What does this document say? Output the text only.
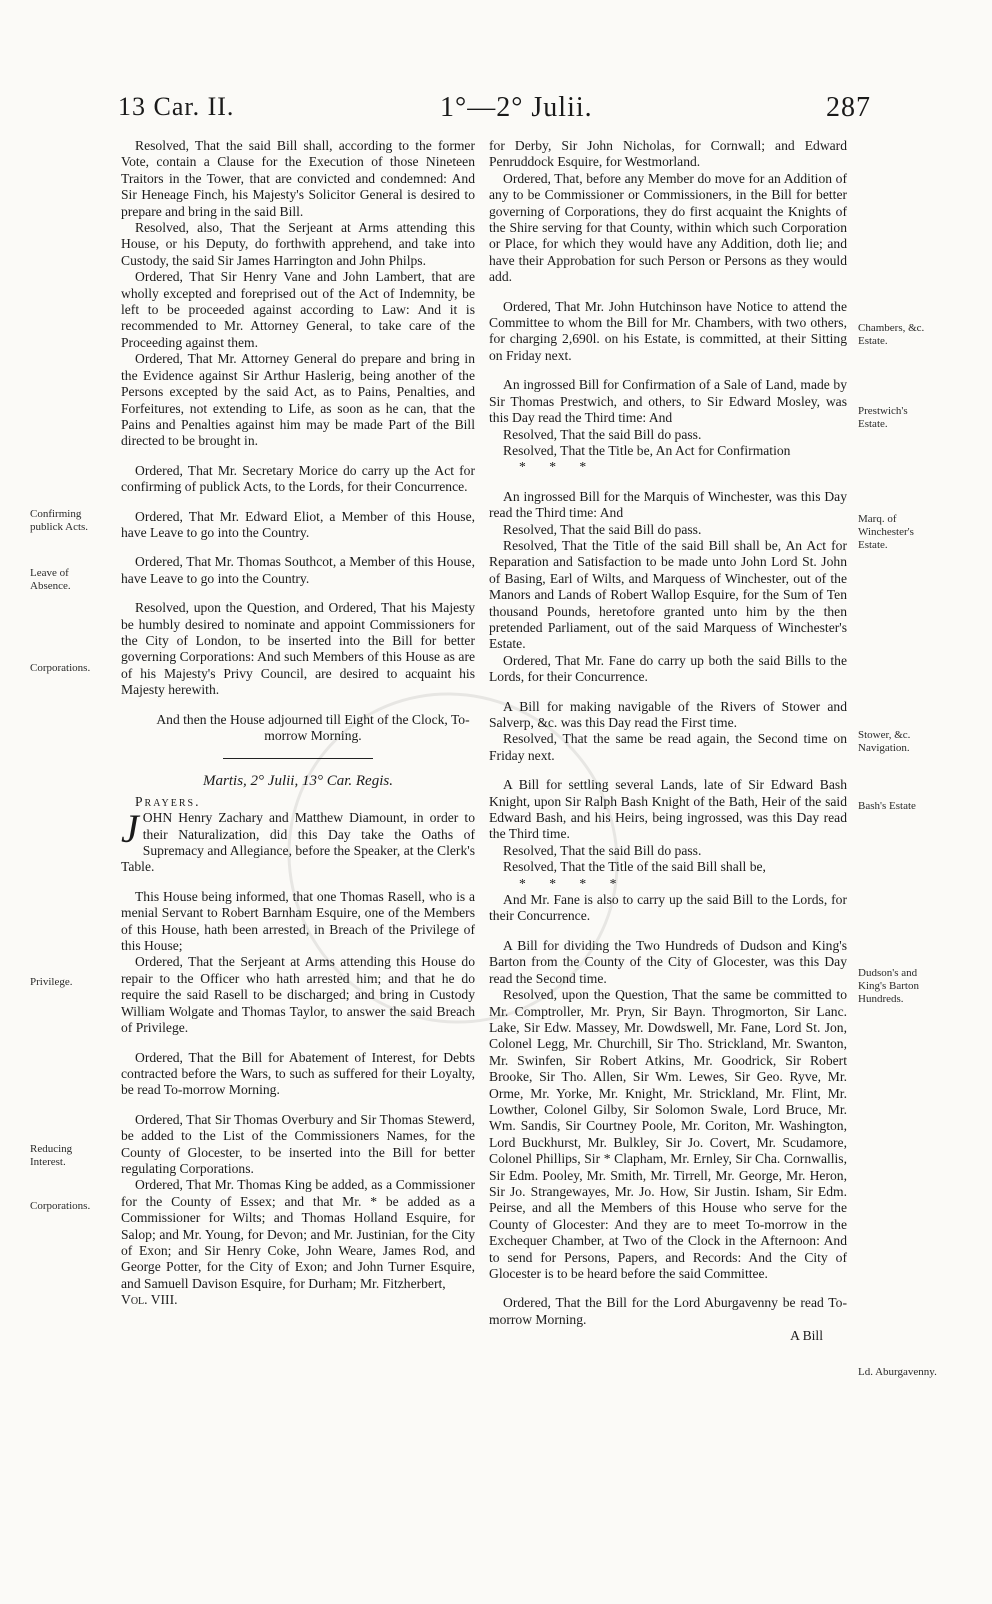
13 Car. II.	1°—2° Julii.	287
Confirming publick Acts.
Leave of Absence.
Corporations.
Privilege.
Reducing Interest.
Corporations.
Chambers, &c. Estate.
Prestwich's Estate.
Marq. of Winchester's Estate.
Stower, &c. Navigation.
Bash's Estate
Dudson's and King's Barton Hundreds.
Ld. Aburgavenny.

Resolved, That the said Bill shall, according to the former Vote, contain a Clause for the Execution of those Nineteen Traitors in the Tower, that are convicted and condemned: And Sir Heneage Finch, his Majesty's Solicitor General is desired to prepare and bring in the said Bill.

Resolved, also, That the Serjeant at Arms attending this House, or his Deputy, do forthwith apprehend, and take into Custody, the said Sir James Harrington and John Philps.

Ordered, That Sir Henry Vane and John Lambert, that are wholly excepted and foreprised out of the Act of Indemnity, be left to be proceeded against according to Law: And it is recommended to Mr. Attorney General, to take care of the Proceeding against them.

Ordered, That Mr. Attorney General do prepare and bring in the Evidence against Sir Arthur Haslerig, being another of the Persons excepted by the said Act, as to Pains, Penalties, and Forfeitures, not extending to Life, as soon as he can, that the Pains and Penalties against him may be made Part of the Bill directed to be brought in.

Ordered, That Mr. Secretary Morice do carry up the Act for confirming of publick Acts, to the Lords, for their Concurrence.

Ordered, That Mr. Edward Eliot, a Member of this House, have Leave to go into the Country.

Ordered, That Mr. Thomas Southcot, a Member of this House, have Leave to go into the Country.

Resolved, upon the Question, and Ordered, That his Majesty be humbly desired to nominate and appoint Commissioners for the City of London, to be inserted into the Bill for better governing Corporations: And such Members of this House as are of his Majesty's Privy Council, are desired to acquaint his Majesty herewith.

And then the House adjourned till Eight of the Clock, To-morrow Morning.

Martis, 2° Julii, 13° Car. Regis.

Prayers.

JOHN Henry Zachary and Matthew Diamount, in order to their Naturalization, did this Day take the Oaths of Supremacy and Allegiance, before the Speaker, at the Clerk's Table.

This House being informed, that one Thomas Rasell, who is a menial Servant to Robert Barnham Esquire, one of the Members of this House, hath been arrested, in Breach of the Privilege of this House;

Ordered, That the Serjeant at Arms attending this House do repair to the Officer who hath arrested him; and that he do require the said Rasell to be discharged; and bring in Custody William Wolgate and Thomas Taylor, to answer the said Breach of Privilege.

Ordered, That the Bill for Abatement of Interest, for Debts contracted before the Wars, to such as suffered for their Loyalty, be read To-morrow Morning.

Ordered, That Sir Thomas Overbury and Sir Thomas Stewerd, be added to the List of the Commissioners Names, for the County of Glocester, to be inserted into the Bill for better regulating Corporations.

Ordered, That Mr. Thomas King be added, as a Commissioner for the County of Essex; and that Mr. * be added as a Commissioner for Wilts; and Thomas Holland Esquire, for Salop; and Mr. Young, for Devon; and Mr. Justinian, for the City of Exon; and Sir Henry Coke, John Weare, James Rod, and George Potter, for the City of Exon; and John Turner Esquire, and Samuell Davison Esquire, for Durham; Mr. Fitzherbert,

Vol. VIII.

for Derby, Sir John Nicholas, for Cornwall; and Edward Penruddock Esquire, for Westmorland.

Ordered, That, before any Member do move for an Addition of any to be Commissioner or Commissioners, in the Bill for better governing of Corporations, they do first acquaint the Knights of the Shire serving for that County, within which such Corporation or Place, for which they would have any Addition, doth lie; and have their Approbation for such Person or Persons as they would add.

Ordered, That Mr. John Hutchinson have Notice to attend the Committee to whom the Bill for Mr. Chambers, with two others, for charging 2,690l. on his Estate, is committed, at their Sitting on Friday next.

An ingrossed Bill for Confirmation of a Sale of Land, made by Sir Thomas Prestwich, and others, to Sir Edward Mosley, was this Day read the Third time: And

Resolved, That the said Bill do pass.

Resolved, That the Title be, An Act for Confirmation

* * *

An ingrossed Bill for the Marquis of Winchester, was this Day read the Third time: And

Resolved, That the said Bill do pass.

Resolved, That the Title of the said Bill shall be, An Act for Reparation and Satisfaction to be made unto John Lord St. John of Basing, Earl of Wilts, and Marquess of Winchester, out of the Manors and Lands of Robert Wallop Esquire, for the Sum of Ten thousand Pounds, heretofore granted unto him by the then pretended Parliament, out of the said Marquess of Winchester's Estate.

Ordered, That Mr. Fane do carry up both the said Bills to the Lords, for their Concurrence.

A Bill for making navigable of the Rivers of Stower and Salverp, &c. was this Day read the First time.

Resolved, That the same be read again, the Second time on Friday next.

A Bill for settling several Lands, late of Sir Edward Bash Knight, upon Sir Ralph Bash Knight of the Bath, Heir of the said Edward Bash, and his Heirs, being ingrossed, was this Day read the Third time.

Resolved, That the said Bill do pass.

Resolved, That the Title of the said Bill shall be,

* * * *

And Mr. Fane is also to carry up the said Bill to the Lords, for their Concurrence.

A Bill for dividing the Two Hundreds of Dudson and King's Barton from the County of the City of Glocester, was this Day read the Second time.

Resolved, upon the Question, That the same be committed to Mr. Comptroller, Mr. Pryn, Sir Bayn. Throgmorton, Sir Lanc. Lake, Sir Edw. Massey, Mr. Dowdswell, Mr. Fane, Lord St. Jon, Colonel Legg, Mr. Churchill, Sir Tho. Strickland, Mr. Swanton, Mr. Swinfen, Sir Robert Atkins, Mr. Goodrick, Sir Robert Brooke, Sir Tho. Allen, Sir Wm. Lewes, Sir Geo. Ryve, Mr. Orme, Mr. Yorke, Mr. Knight, Mr. Strickland, Mr. Flint, Mr. Lowther, Colonel Gilby, Sir Solomon Swale, Lord Bruce, Mr. Wm. Sandis, Sir Courtney Poole, Mr. Coriton, Mr. Washington, Lord Buckhurst, Mr. Bulkley, Sir Jo. Covert, Mr. Scudamore, Colonel Phillips, Sir * Clapham, Mr. Ernley, Sir Cha. Cornwallis, Sir Edm. Pooley, Mr. Smith, Mr. Tirrell, Mr. George, Mr. Heron, Sir Jo. Strangewayes, Mr. Jo. How, Sir Justin. Isham, Sir Edm. Peirse, and all the Members of this House who serve for the County of Glocester: And they are to meet To-morrow in the Exchequer Chamber, at Two of the Clock in the Afternoon: And to send for Persons, Papers, and Records: And the City of Glocester is to be heard before the said Committee.

Ordered, That the Bill for the Lord Aburgavenny be read To-morrow Morning.

A Bill
